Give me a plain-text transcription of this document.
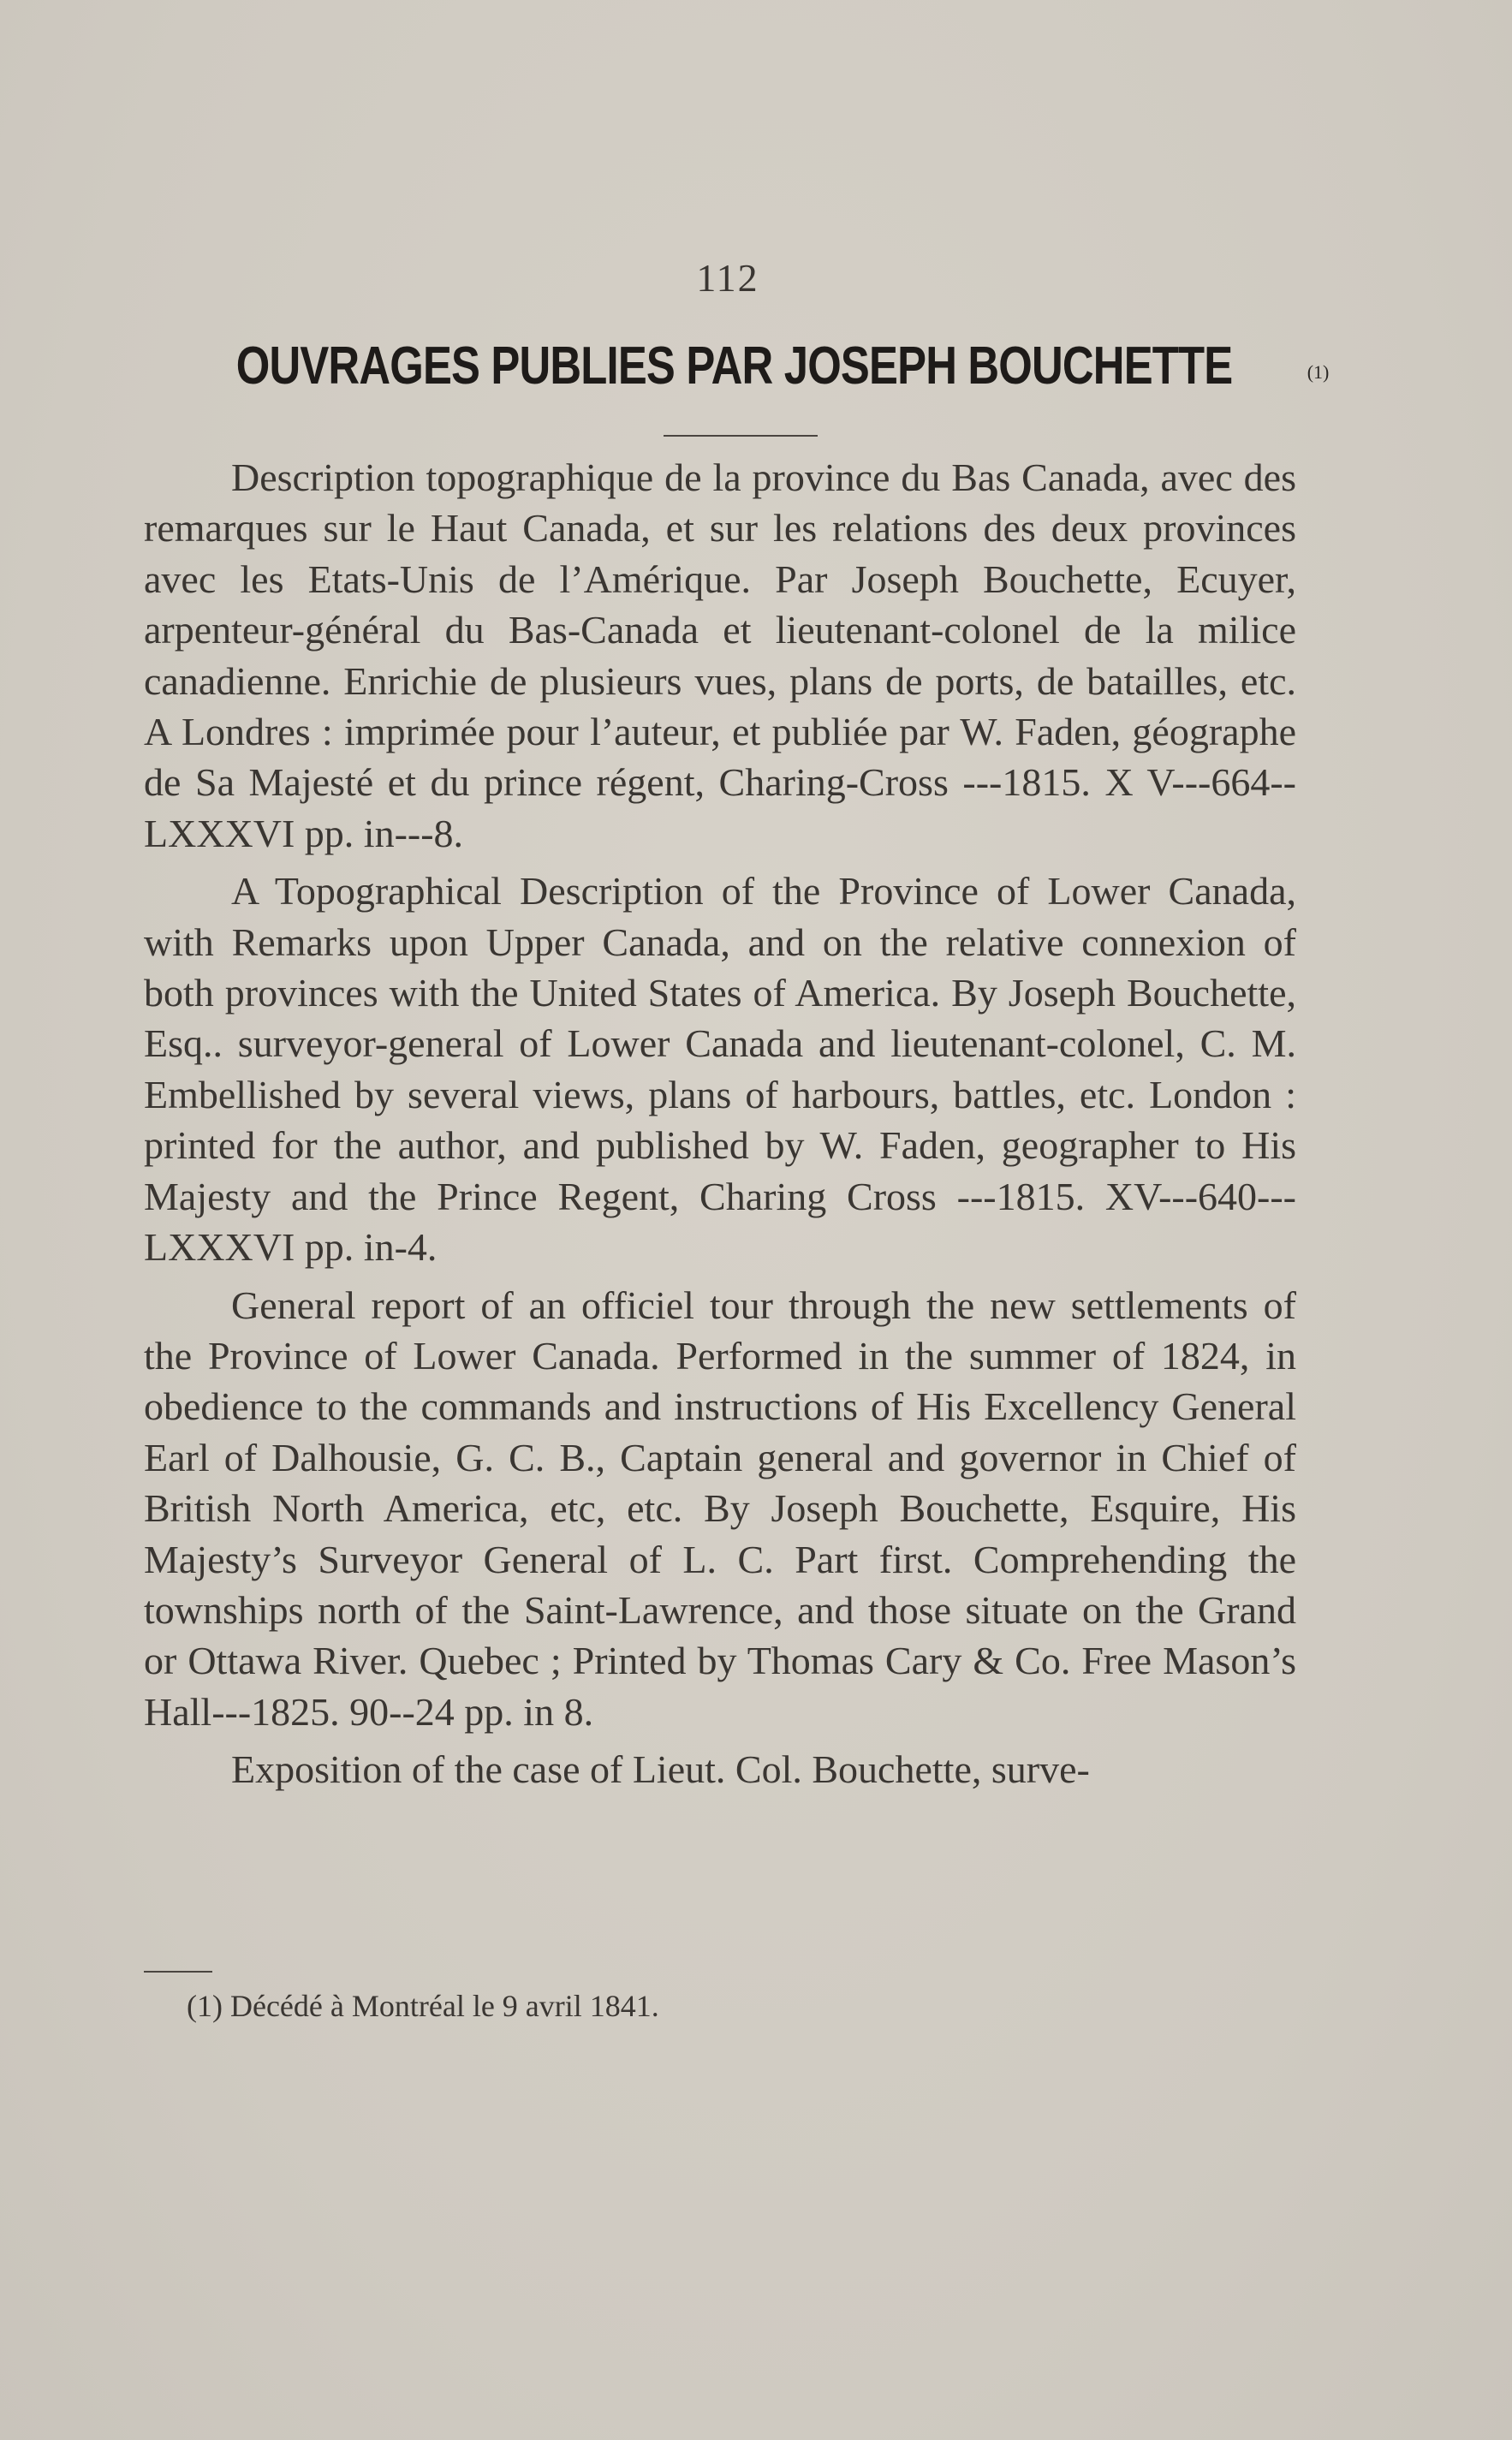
112
OUVRAGES PUBLIES PAR JOSEPH BOUCHETTE	(1)

Description topographique de la province du Bas Canada, avec des remarques sur le Haut Canada, et sur les relations des deux provinces avec les Etats-Unis de l’Amérique. Par Joseph Bouchette, Ecuyer, arpenteur-général du Bas-Canada et lieutenant-colonel de la milice canadienne. Enrichie de plusieurs vues, plans de ports, de batailles, etc. A Londres : imprimée pour l’auteur, et publiée par W. Faden, géographe de Sa Majesté et du prince régent, Charing-Cross ---1815. X V---664-- LXXXVI pp. in---8.

A Topographical Description of the Province of Lower Canada, with Remarks upon Upper Canada, and on the relative connexion of both provinces with the United States of America. By Joseph Bouchette, Esq.. surveyor-general of Lower Canada and lieutenant-colonel, C. M. Embellished by several views, plans of harbours, battles, etc. London : printed for the author, and published by W. Faden, geographer to His Majesty and the Prince Regent, Charing Cross ---1815. XV---640---LXXXVI pp. in-4.

General report of an officiel tour through the new settlements of the Province of Lower Canada. Performed in the summer of 1824, in obedience to the commands and instructions of His Excellency General Earl of Dalhousie, G. C. B., Captain general and governor in Chief of British North America, etc, etc. By Joseph Bouchette, Esquire, His Majesty’s Surveyor General of L. C. Part first. Comprehending the townships north of the Saint-Lawrence, and those situate on the Grand or Ottawa River. Quebec ; Printed by Thomas Cary & Co. Free Mason’s Hall---1825. 90--24 pp. in 8.

Exposition of the case of Lieut. Col. Bouchette, surve-

(1) Décédé à Montréal le 9 avril 1841.
